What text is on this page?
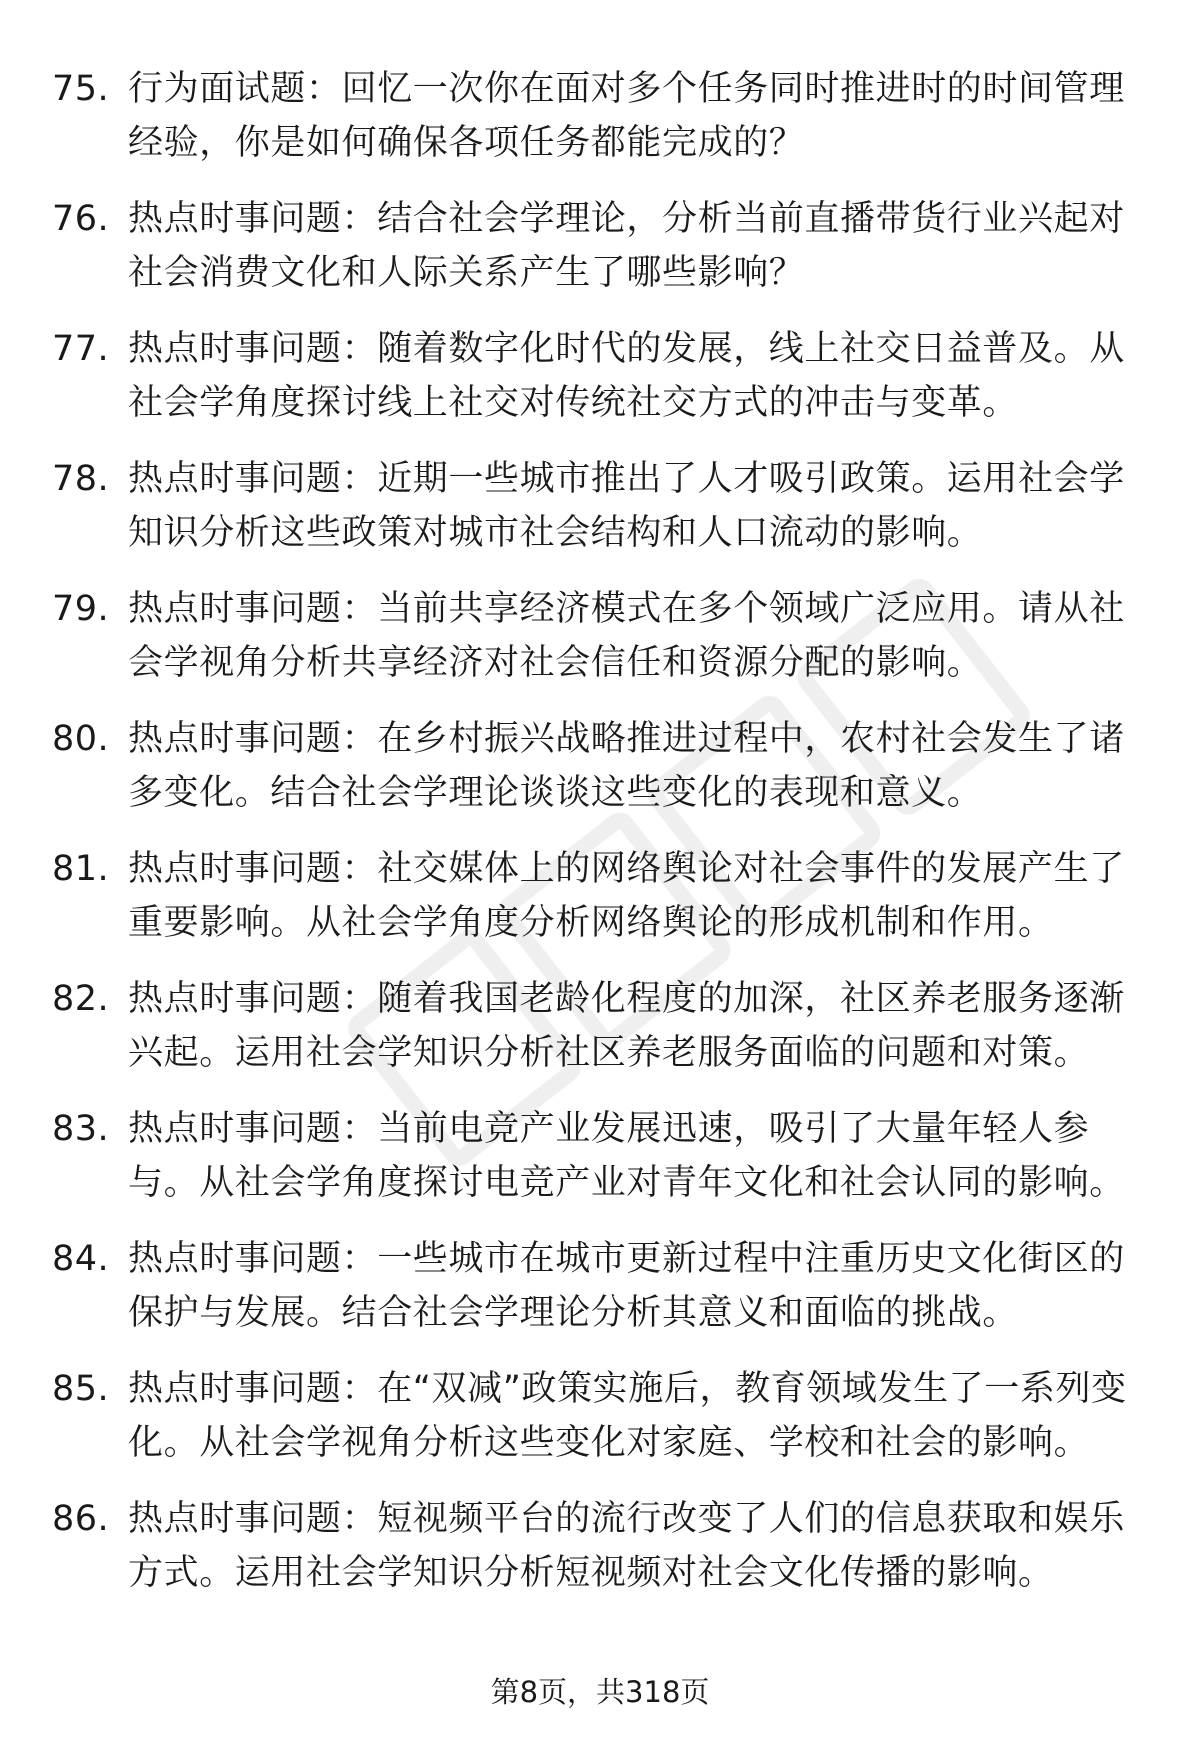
75. 行为面试题：回忆一次你在面对多个任务同时推进时的时间管理经验，你是如何确保各项任务都能完成的？
76. 热点时事问题：结合社会学理论，分析当前直播带货行业兴起对社会消费文化和人际关系产生了哪些影响？
77. 热点时事问题：随着数字化时代的发展，线上社交日益普及。从社会学角度探讨线上社交对传统社交方式的冲击与变革。
78. 热点时事问题：近期一些城市推出了人才吸引政策。运用社会学知识分析这些政策对城市社会结构和人口流动的影响。
79. 热点时事问题：当前共享经济模式在多个领域广泛应用。请从社会学视角分析共享经济对社会信任和资源分配的影响。
80. 热点时事问题：在乡村振兴战略推进过程中，农村社会发生了诸多变化。结合社会学理论谈谈这些变化的表现和意义。
81. 热点时事问题：社交媒体上的网络舆论对社会事件的发展产生了重要影响。从社会学角度分析网络舆论的形成机制和作用。
82. 热点时事问题：随着我国老龄化程度的加深，社区养老服务逐渐兴起。运用社会学知识分析社区养老服务面临的问题和对策。
83. 热点时事问题：当前电竞产业发展迅速，吸引了大量年轻人参与。从社会学角度探讨电竞产业对青年文化和社会认同的影响。
84. 热点时事问题：一些城市在城市更新过程中注重历史文化街区的保护与发展。结合社会学理论分析其意义和面临的挑战。
85. 热点时事问题：在“双减”政策实施后，教育领域发生了一系列变化。从社会学视角分析这些变化对家庭、学校和社会的影响。
86. 热点时事问题：短视频平台的流行改变了人们的信息获取和娱乐方式。运用社会学知识分析短视频对社会文化传播的影响。
第8页，共318页
